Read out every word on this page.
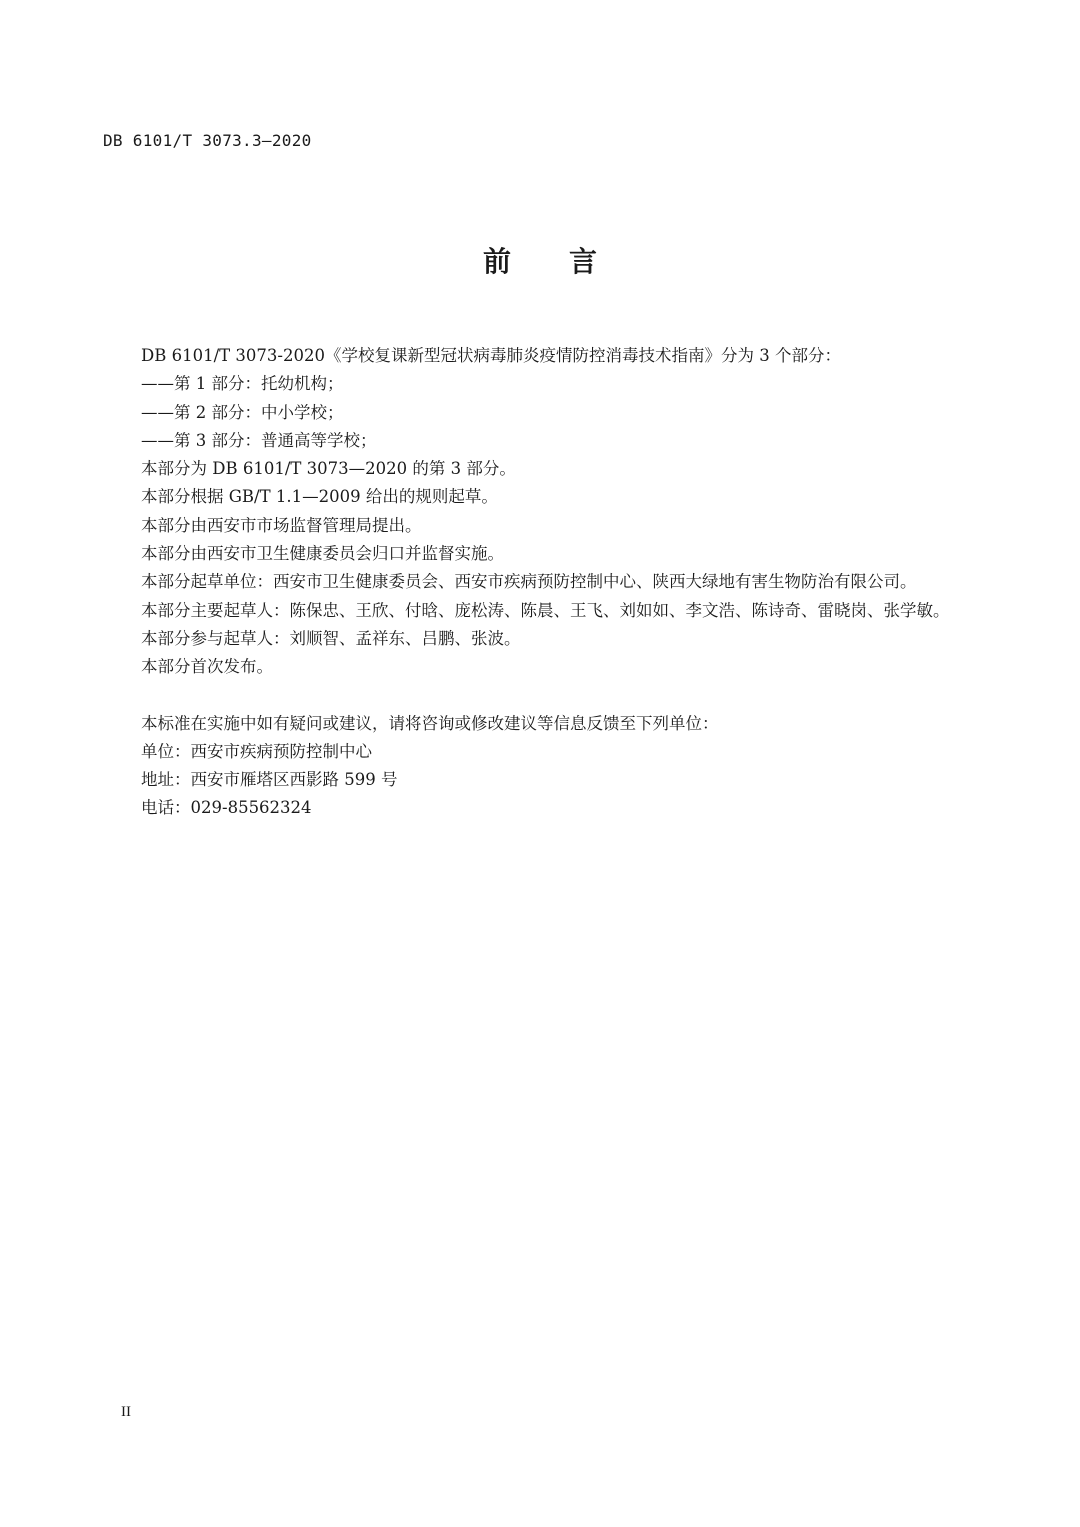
DB 6101/T 3073.3—2020
前 言
DB 6101/T 3073-2020《学校复课新型冠状病毒肺炎疫情防控消毒技术指南》分为 3 个部分：
——第 1 部分：托幼机构；
——第 2 部分：中小学校；
——第 3 部分：普通高等学校；
本部分为 DB 6101/T 3073—2020 的第 3 部分。
本部分根据 GB/T 1.1—2009 给出的规则起草。
本部分由西安市市场监督管理局提出。
本部分由西安市卫生健康委员会归口并监督实施。
本部分起草单位：西安市卫生健康委员会、西安市疾病预防控制中心、陕西大绿地有害生物防治有限公司。
本部分主要起草人：陈保忠、王欣、付晗、庞松涛、陈晨、王飞、刘如如、李文浩、陈诗奇、雷晓岗、张学敏。
本部分参与起草人：刘顺智、孟祥东、吕鹏、张波。
本部分首次发布。
本标准在实施中如有疑问或建议，请将咨询或修改建议等信息反馈至下列单位：
单位：西安市疾病预防控制中心
地址：西安市雁塔区西影路 599 号
电话：029-85562324
II
